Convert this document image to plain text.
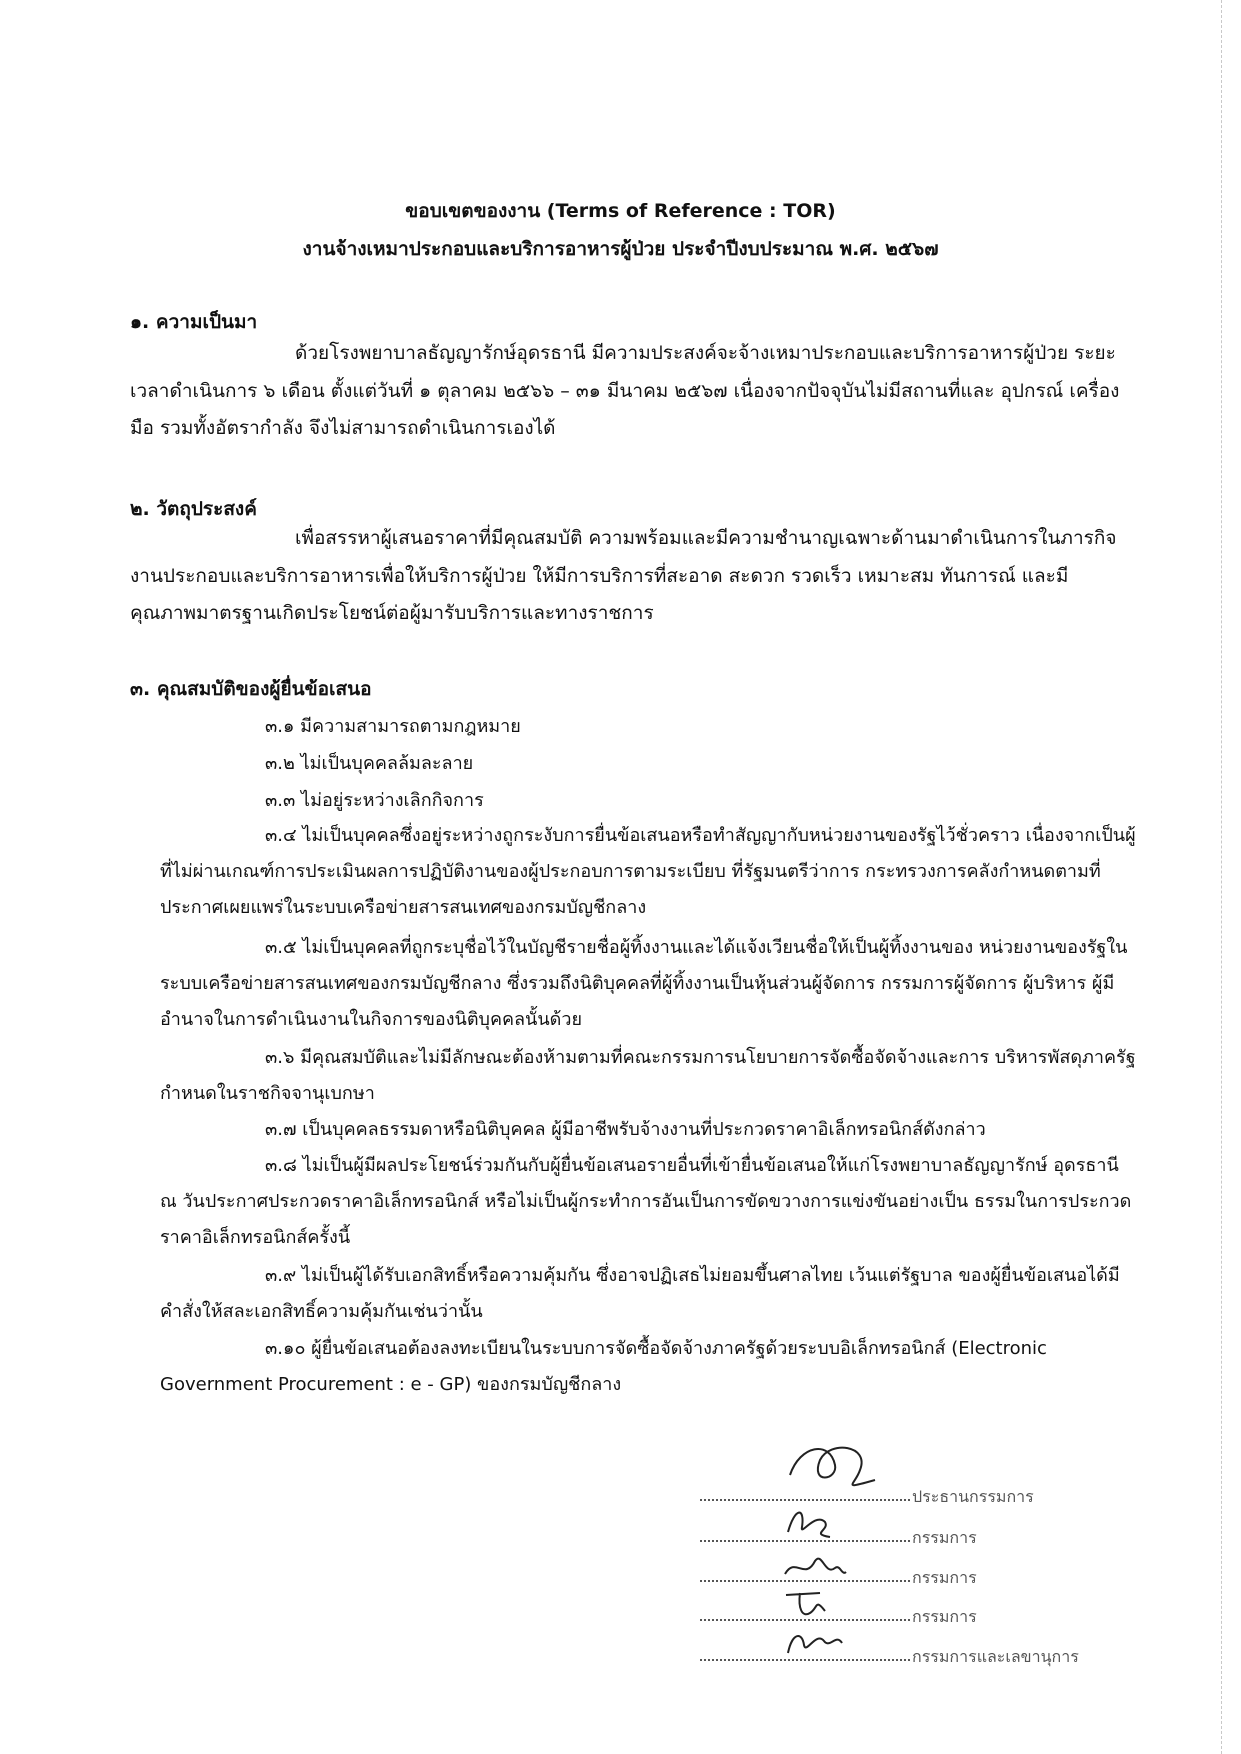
ขอบเขตของงาน (Terms of Reference : TOR)
งานจ้างเหมาประกอบและบริการอาหารผู้ป่วย ประจำปีงบประมาณ พ.ศ. ๒๕๖๗
๑. ความเป็นมา
ด้วยโรงพยาบาลธัญญารักษ์อุดรธานี มีความประสงค์จะจ้างเหมาประกอบและบริการอาหารผู้ป่วย ระยะเวลาดำเนินการ ๖ เดือน ตั้งแต่วันที่ ๑ ตุลาคม ๒๕๖๖ – ๓๑ มีนาคม ๒๕๖๗ เนื่องจากปัจจุบันไม่มีสถานที่และ อุปกรณ์ เครื่องมือ รวมทั้งอัตรากำลัง จึงไม่สามารถดำเนินการเองได้
๒. วัตถุประสงค์
เพื่อสรรหาผู้เสนอราคาที่มีคุณสมบัติ ความพร้อมและมีความชำนาญเฉพาะด้านมาดำเนินการในภารกิจ งานประกอบและบริการอาหารเพื่อให้บริการผู้ป่วย ให้มีการบริการที่สะอาด สะดวก รวดเร็ว เหมาะสม ทันการณ์ และมี คุณภาพมาตรฐานเกิดประโยชน์ต่อผู้มารับบริการและทางราชการ
๓. คุณสมบัติของผู้ยื่นข้อเสนอ
๓.๑ มีความสามารถตามกฎหมาย
๓.๒ ไม่เป็นบุคคลล้มละลาย
๓.๓ ไม่อยู่ระหว่างเลิกกิจการ
๓.๔ ไม่เป็นบุคคลซึ่งอยู่ระหว่างถูกระงับการยื่นข้อเสนอหรือทำสัญญากับหน่วยงานของรัฐไว้ชั่วคราว เนื่องจากเป็นผู้ที่ไม่ผ่านเกณฑ์การประเมินผลการปฏิบัติงานของผู้ประกอบการตามระเบียบ ที่รัฐมนตรีว่าการ กระทรวงการคลังกำหนดตามที่ประกาศเผยแพร่ในระบบเครือข่ายสารสนเทศของกรมบัญชีกลาง
๓.๕ ไม่เป็นบุคคลที่ถูกระบุชื่อไว้ในบัญชีรายชื่อผู้ทิ้งงานและได้แจ้งเวียนชื่อให้เป็นผู้ทิ้งงานของ หน่วยงานของรัฐในระบบเครือข่ายสารสนเทศของกรมบัญชีกลาง ซึ่งรวมถึงนิติบุคคลที่ผู้ทิ้งงานเป็นหุ้นส่วนผู้จัดการ กรรมการผู้จัดการ ผู้บริหาร ผู้มีอำนาจในการดำเนินงานในกิจการของนิติบุคคลนั้นด้วย
๓.๖ มีคุณสมบัติและไม่มีลักษณะต้องห้ามตามที่คณะกรรมการนโยบายการจัดซื้อจัดจ้างและการ บริหารพัสดุภาครัฐกำหนดในราชกิจจานุเบกษา
๓.๗ เป็นบุคคลธรรมดาหรือนิติบุคคล ผู้มีอาชีพรับจ้างงานที่ประกวดราคาอิเล็กทรอนิกส์ดังกล่าว
๓.๘ ไม่เป็นผู้มีผลประโยชน์ร่วมกันกับผู้ยื่นข้อเสนอรายอื่นที่เข้ายื่นข้อเสนอให้แก่โรงพยาบาลธัญญารักษ์ อุดรธานี ณ วันประกาศประกวดราคาอิเล็กทรอนิกส์ หรือไม่เป็นผู้กระทำการอันเป็นการขัดขวางการแข่งขันอย่างเป็น ธรรมในการประกวดราคาอิเล็กทรอนิกส์ครั้งนี้
๓.๙ ไม่เป็นผู้ได้รับเอกสิทธิ์หรือความคุ้มกัน ซึ่งอาจปฏิเสธไม่ยอมขึ้นศาลไทย เว้นแต่รัฐบาล ของผู้ยื่นข้อเสนอได้มีคำสั่งให้สละเอกสิทธิ์ความคุ้มกันเช่นว่านั้น
๓.๑๐ ผู้ยื่นข้อเสนอต้องลงทะเบียนในระบบการจัดซื้อจัดจ้างภาครัฐด้วยระบบอิเล็กทรอนิกส์ (Electronic Government Procurement : e - GP) ของกรมบัญชีกลาง
ประธานกรรมการ
กรรมการ
กรรมการ
กรรมการ
กรรมการและเลขานุการ
